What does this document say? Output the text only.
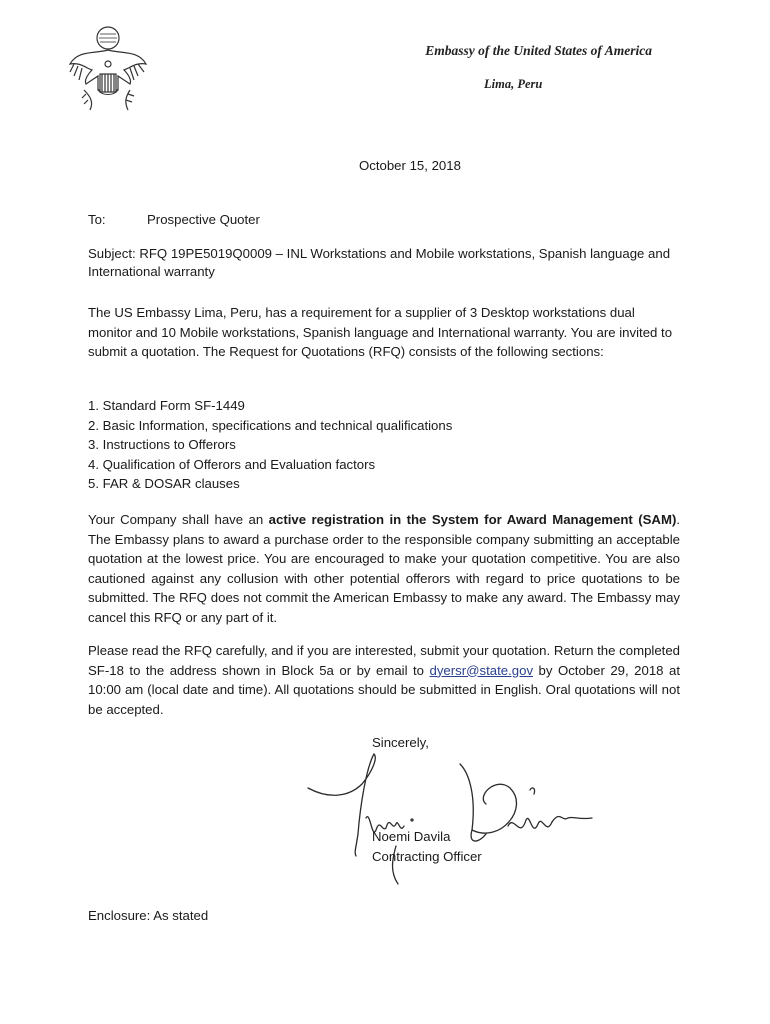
Embassy of the United States of America
Lima, Peru
October 15, 2018
To:	Prospective Quoter
Subject: RFQ 19PE5019Q0009 – INL Workstations and Mobile workstations, Spanish language and International warranty
The US Embassy Lima, Peru, has a requirement for a supplier of 3 Desktop workstations dual monitor and 10 Mobile workstations, Spanish language and International warranty. You are invited to submit a quotation. The Request for Quotations (RFQ) consists of the following sections:
1. Standard Form SF-1449
2. Basic Information, specifications and technical qualifications
3. Instructions to Offerors
4. Qualification of Offerors and Evaluation factors
5. FAR & DOSAR clauses
Your Company shall have an active registration in the System for Award Management (SAM). The Embassy plans to award a purchase order to the responsible company submitting an acceptable quotation at the lowest price. You are encouraged to make your quotation competitive. You are also cautioned against any collusion with other potential offerors with regard to price quotations to be submitted. The RFQ does not commit the American Embassy to make any award. The Embassy may cancel this RFQ or any part of it.
Please read the RFQ carefully, and if you are interested, submit your quotation. Return the completed SF-18 to the address shown in Block 5a or by email to dyersr@state.gov by October 29, 2018 at 10:00 am (local date and time). All quotations should be submitted in English. Oral quotations will not be accepted.
Sincerely,
Noemi Davila
Contracting Officer
Enclosure: As stated
